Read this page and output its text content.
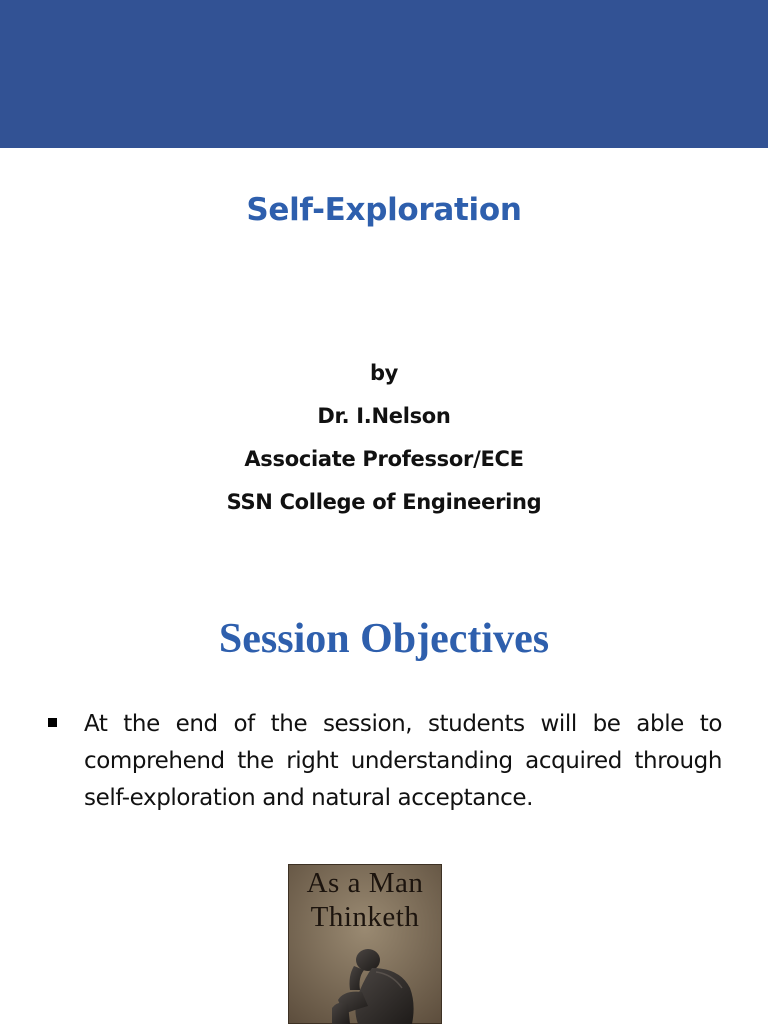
Self-Exploration
by
Dr. I.Nelson
Associate Professor/ECE
SSN College of Engineering
Session Objectives
At the end of the session, students will be able to comprehend the right understanding acquired through self-exploration and natural acceptance.
As a Man
Thinketh
